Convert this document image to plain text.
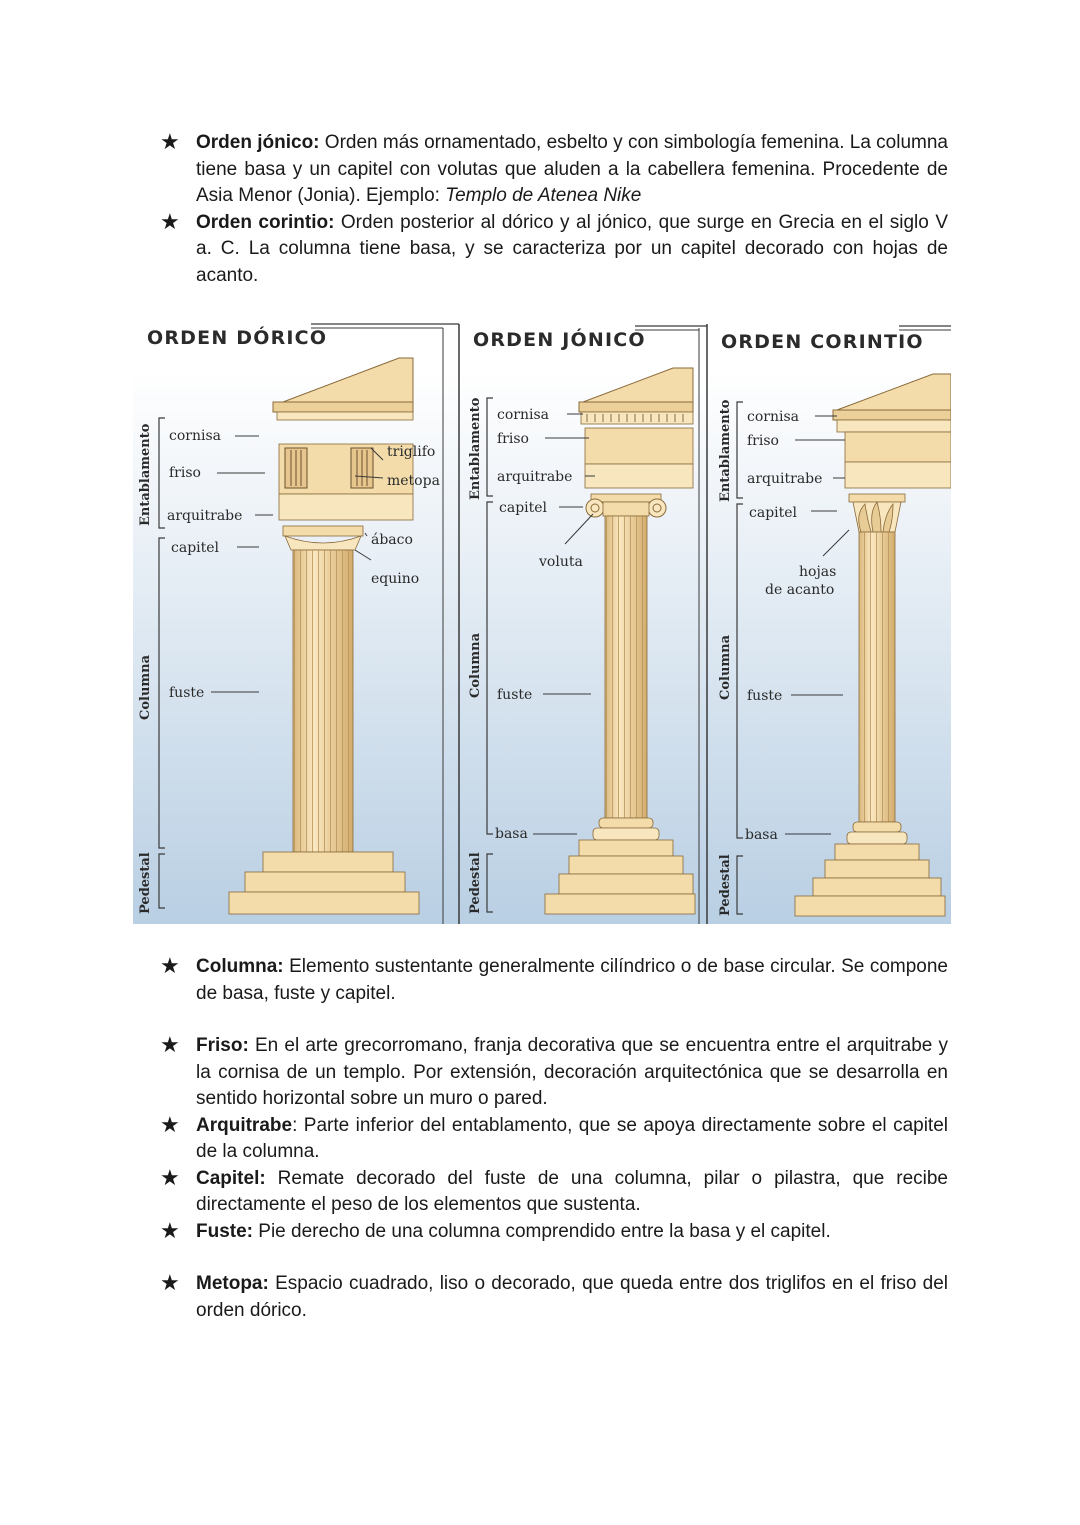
★ Orden jónico: Orden más ornamentado, esbelto y con simbología femenina. La columna tiene basa y un capitel con volutas que aluden a la cabellera femenina. Procedente de Asia Menor (Jonia). Ejemplo: Templo de Atenea Nike
★ Orden corintio: Orden posterior al dórico y al jónico, que surge en Grecia en el siglo V a. C. La columna tiene basa, y se caracteriza por un capitel decorado con hojas de acanto.
ORDEN DÓRICO
Entablamento
Columna
Pedestal
cornisa
friso
arquitrabe
capitel
fuste
triglifo
metopa
ábaco
equino
ORDEN JÓNICO
Entablamento
Columna
Pedestal
cornisa
friso
arquitrabe
capitel
voluta
fuste
basa
ORDEN CORINTIO
Entablamento
Columna
Pedestal
cornisa
friso
arquitrabe
capitel
hojas
de acanto
fuste
basa
★ Columna: Elemento sustentante generalmente cilíndrico o de base circular. Se compone de basa, fuste y capitel.
★ Friso: En el arte grecorromano, franja decorativa que se encuentra entre el arquitrabe y la cornisa de un templo. Por extensión, decoración arquitectónica que se desarrolla en sentido horizontal sobre un muro o pared.
★ Arquitrabe: Parte inferior del entablamento, que se apoya directamente sobre el capitel de la columna.
★ Capitel: Remate decorado del fuste de una columna, pilar o pilastra, que recibe directamente el peso de los elementos que sustenta.
★ Fuste: Pie derecho de una columna comprendido entre la basa y el capitel.
★ Metopa: Espacio cuadrado, liso o decorado, que queda entre dos triglifos en el friso del orden dórico.
